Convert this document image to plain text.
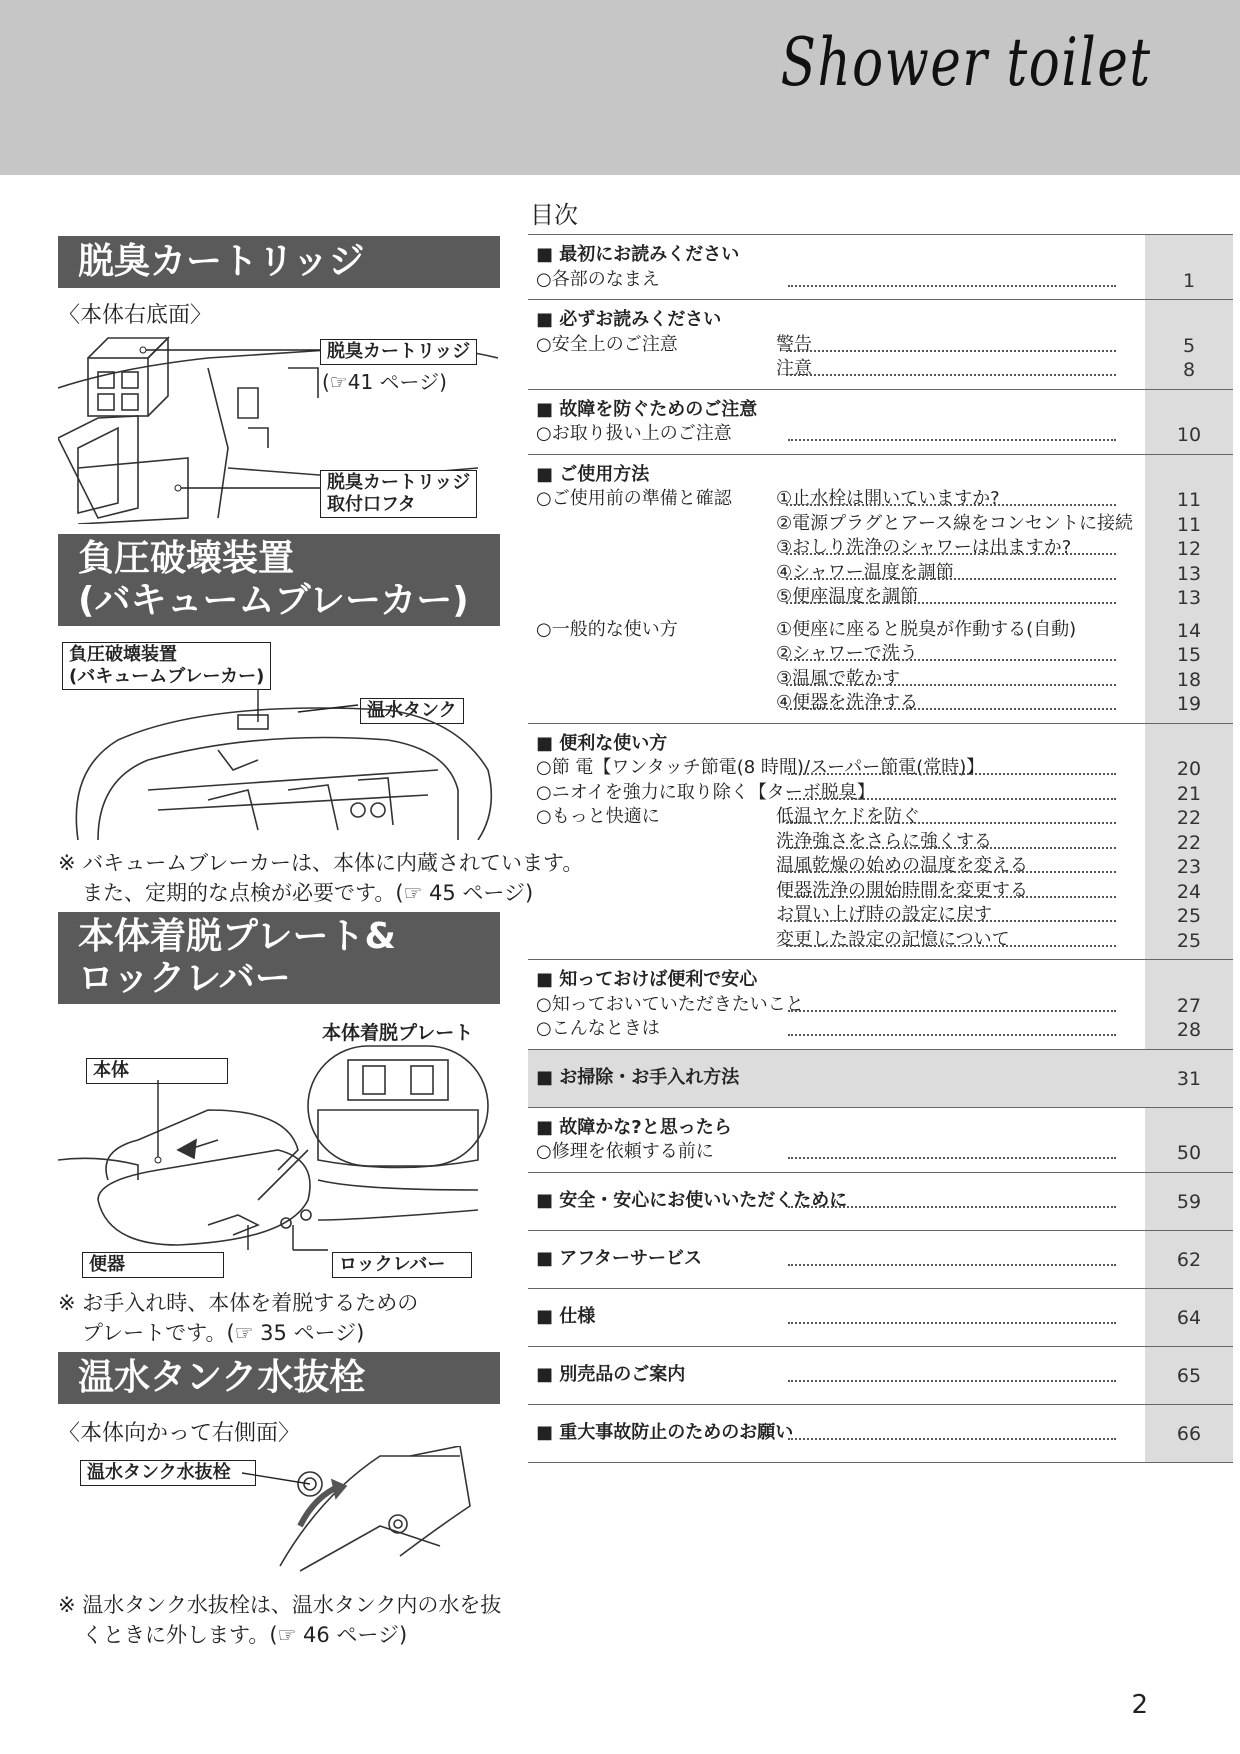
Shower toilet
脱臭カートリッジ
〈本体右底面〉
脱臭カートリッジ
(☞41 ページ)
脱臭カートリッジ
取付口フタ
負圧破壊装置
(バキュームブレーカー)
負圧破壊装置
(バキュームブレーカー)
温水タンク
※ バキュームブレーカーは、本体に内蔵されています。
また、定期的な点検が必要です。(☞ 45 ページ)
本体着脱プレート&
ロックレバー
本体着脱プレート
本体
便器	ロックレバー
※ お手入れ時、本体を着脱するための
プレートです。(☞ 35 ページ)
温水タンク水抜栓
〈本体向かって右側面〉
温水タンク水抜栓
※ 温水タンク水抜栓は、温水タンク内の水を抜
くときに外します。(☞ 46 ページ)
目次
■ 最初にお読みください
○各部のなまえ	1
■ 必ずお読みください
○安全上のご注意	警告	5
注意	8
■ 故障を防ぐためのご注意
○お取り扱い上のご注意	10
■ ご使用方法
○ご使用前の準備と確認 ①止水栓は開いていますか?	11
②電源プラグとアース線をコンセントに接続	11
③おしり洗浄のシャワーは出ますか?	12
④シャワー温度を調節	13
⑤便座温度を調節	13
○一般的な使い方	①便座に座ると脱臭が作動する(自動)	14
②シャワーで洗う	15
③温風で乾かす	18
④便器を洗浄する	19
■ 便利な使い方
○節 電【ワンタッチ節電(8 時間)/スーパー節電(常時)】	20
○ニオイを強力に取り除く【ターボ脱臭】	21
○もっと快適に	低温ヤケドを防ぐ	22
洗浄強さをさらに強くする	22
温風乾燥の始めの温度を変える	23
便器洗浄の開始時間を変更する	24
お買い上げ時の設定に戻す	25
変更した設定の記憶について	25
■ 知っておけば便利で安心
○知っておいていただきたいこと	27
○こんなときは	28
■ お掃除・お手入れ方法	31
■ 故障かな?と思ったら
○修理を依頼する前に	50
■ 安全・安心にお使いいただくために	59
■ アフターサービス	62
■ 仕様	64
■ 別売品のご案内	65
■ 重大事故防止のためのお願い	66
2
